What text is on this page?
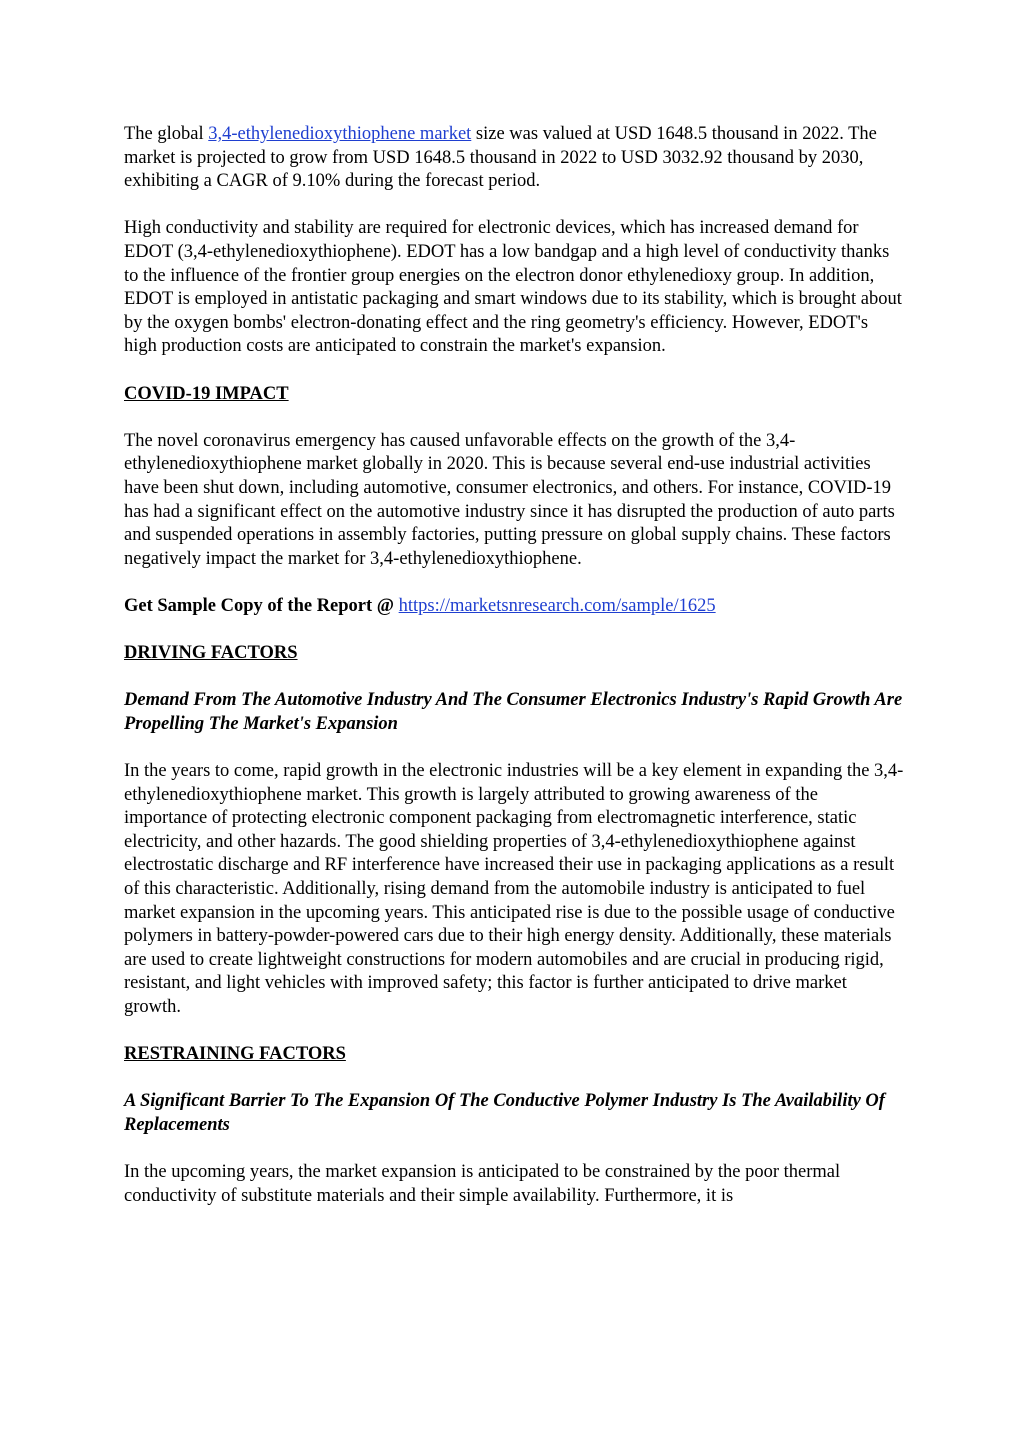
The global 3,4-ethylenedioxythiophene market size was valued at USD 1648.5 thousand in 2022. The market is projected to grow from USD 1648.5 thousand in 2022 to USD 3032.92 thousand by 2030, exhibiting a CAGR of 9.10% during the forecast period.

High conductivity and stability are required for electronic devices, which has increased demand for EDOT (3,4-ethylenedioxythiophene). EDOT has a low bandgap and a high level of conductivity thanks to the influence of the frontier group energies on the electron donor ethylenedioxy group. In addition, EDOT is employed in antistatic packaging and smart windows due to its stability, which is brought about by the oxygen bombs' electron-donating effect and the ring geometry's efficiency. However, EDOT's high production costs are anticipated to constrain the market's expansion.

COVID-19 IMPACT

The novel coronavirus emergency has caused unfavorable effects on the growth of the 3,4-ethylenedioxythiophene market globally in 2020. This is because several end-use industrial activities have been shut down, including automotive, consumer electronics, and others. For instance, COVID-19 has had a significant effect on the automotive industry since it has disrupted the production of auto parts and suspended operations in assembly factories, putting pressure on global supply chains. These factors negatively impact the market for 3,4-ethylenedioxythiophene.

Get Sample Copy of the Report @ https://marketsnresearch.com/sample/1625

DRIVING FACTORS

Demand From The Automotive Industry And The Consumer Electronics Industry's Rapid Growth Are Propelling The Market's Expansion

In the years to come, rapid growth in the electronic industries will be a key element in expanding the 3,4-ethylenedioxythiophene market. This growth is largely attributed to growing awareness of the importance of protecting electronic component packaging from electromagnetic interference, static electricity, and other hazards. The good shielding properties of 3,4-ethylenedioxythiophene against electrostatic discharge and RF interference have increased their use in packaging applications as a result of this characteristic. Additionally, rising demand from the automobile industry is anticipated to fuel market expansion in the upcoming years. This anticipated rise is due to the possible usage of conductive polymers in battery-powder-powered cars due to their high energy density. Additionally, these materials are used to create lightweight constructions for modern automobiles and are crucial in producing rigid, resistant, and light vehicles with improved safety; this factor is further anticipated to drive market growth.

RESTRAINING FACTORS

A Significant Barrier To The Expansion Of The Conductive Polymer Industry Is The Availability Of Replacements

In the upcoming years, the market expansion is anticipated to be constrained by the poor thermal conductivity of substitute materials and their simple availability. Furthermore, it is
